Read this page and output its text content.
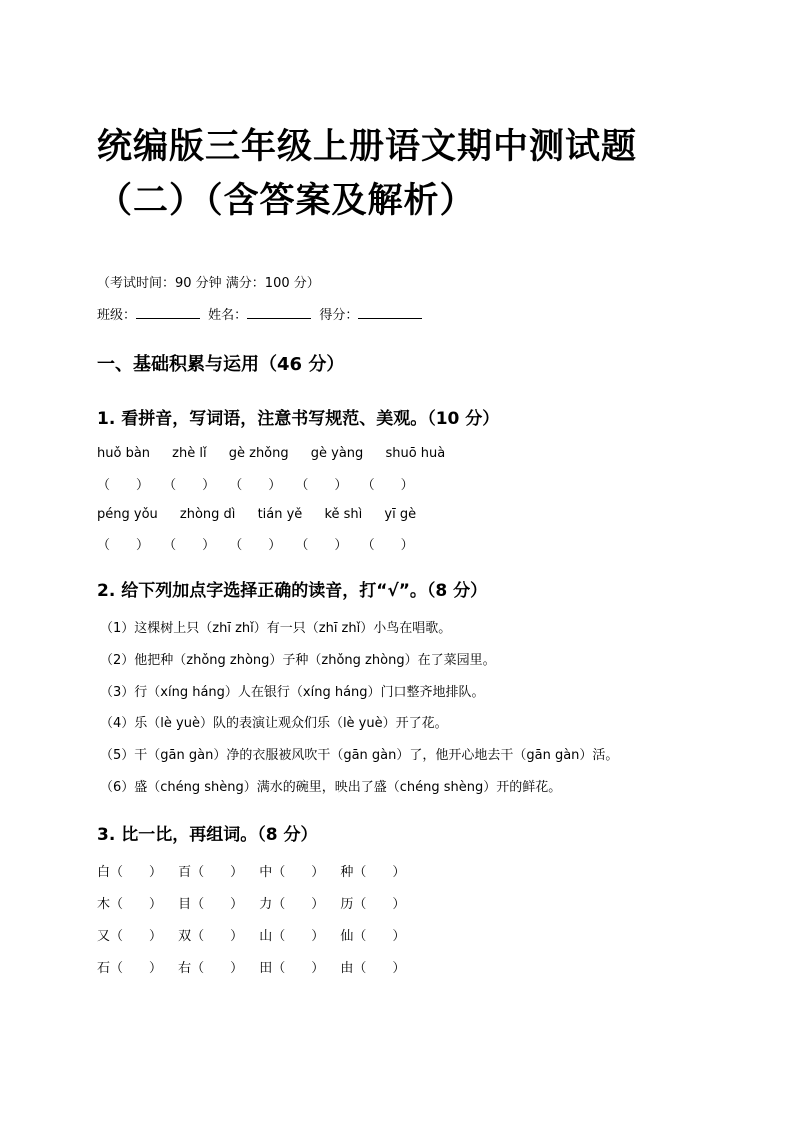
统编版三年级上册语文期中测试题（二）（含答案及解析）
（考试时间：90 分钟 满分：100 分）
班级：	姓名：	得分：
一、基础积累与运用（46 分）
1. 看拼音，写词语，注意书写规范、美观。（10 分）
huǒ bàn zhè lǐ gè zhǒng gè yàng shuō huà
（　　） （　　） （　　） （　　） （　　）
péng yǒu zhòng dì tián yě kě shì yī gè
（　　） （　　） （　　） （　　） （　　）
2. 给下列加点字选择正确的读音，打“√”。（8 分）
（1）这棵树上只（zhī zhǐ）有一只（zhī zhǐ）小鸟在唱歌。
（2）他把种（zhǒng zhòng）子种（zhǒng zhòng）在了菜园里。
（3）行（xíng háng）人在银行（xíng háng）门口整齐地排队。
（4）乐（lè yuè）队的表演让观众们乐（lè yuè）开了花。
（5）干（gān gàn）净的衣服被风吹干（gān gàn）了，他开心地去干（gān gàn）活。
（6）盛（chéng shèng）满水的碗里，映出了盛（chéng shèng）开的鲜花。
3. 比一比，再组词。（8 分）
白（　　） 百（　　） 中（　　） 种（　　）
木（　　） 目（　　） 力（　　） 历（　　）
又（　　） 双（　　） 山（　　） 仙（　　）
石（　　） 右（　　） 田（　　） 由（　　）
